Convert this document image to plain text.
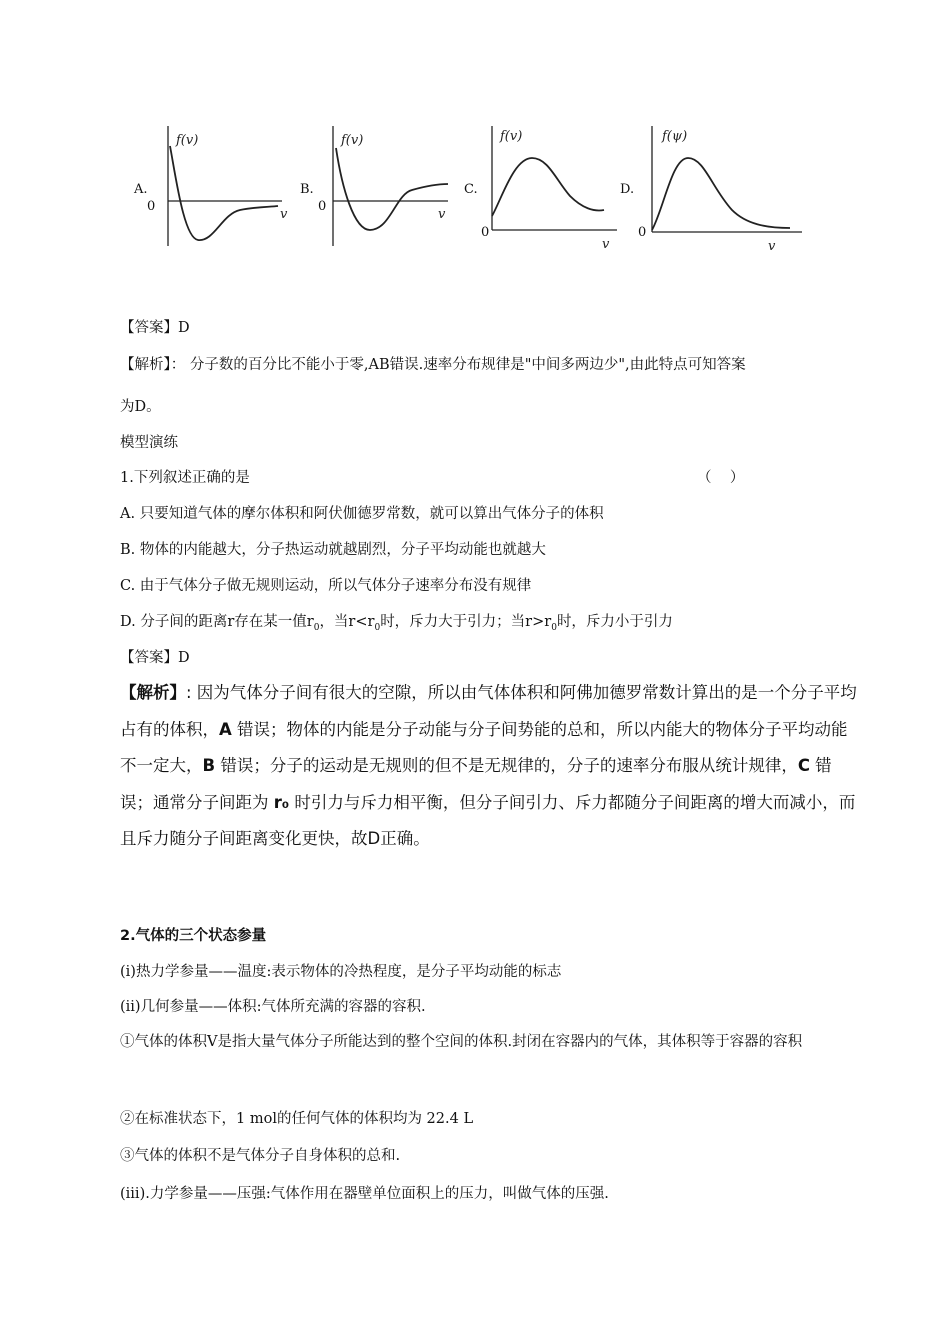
A.
0
f(v)
v
B.
0
f(v)
v
C.
0
f(v)
v
D.
0
f(ψ)
v
【答案】D
【解析】： 分子数的百分比不能小于零,AB错误.速率分布规律是"中间多两边少",由此特点可知答案
为D。
模型演练
1.下列叙述正确的是	（    ）
A. 只要知道气体的摩尔体积和阿伏伽德罗常数，就可以算出气体分子的体积
B. 物体的内能越大，分子热运动就越剧烈，分子平均动能也就越大
C. 由于气体分子做无规则运动，所以气体分子速率分布没有规律
D. 分子间的距离r存在某一值$r_0$，当$r<r_0$时，斥力大于引力；当$r>r_0$时，斥力小于引力
【答案】D
【解析】: 因为气体分子间有很大的空隙，所以由气体体积和阿佛加德罗常数计算出的是一个分子平均占有的体积，A 错误；物体的内能是分子动能与分子间势能的总和，所以内能大的物体分子平均动能不一定大，B 错误；分子的运动是无规则的但不是无规律的，分子的速率分布服从统计规律，C 错误；通常分子间距为 r₀ 时引力与斥力相平衡，但分子间引力、斥力都随分子间距离的增大而减小，而且斥力随分子间距离变化更快，故D正确。
2.气体的三个状态参量
(i)热力学参量——温度:表示物体的冷热程度，是分子平均动能的标志
(ii)几何参量——体积:气体所充满的容器的容积.
①气体的体积V是指大量气体分子所能达到的整个空间的体积.封闭在容器内的气体，其体积等于容器的容积
②在标准状态下，1 mol的任何气体的体积均为 22.4 L
③气体的体积不是气体分子自身体积的总和.
(iii).力学参量——压强:气体作用在器壁单位面积上的压力，叫做气体的压强.
